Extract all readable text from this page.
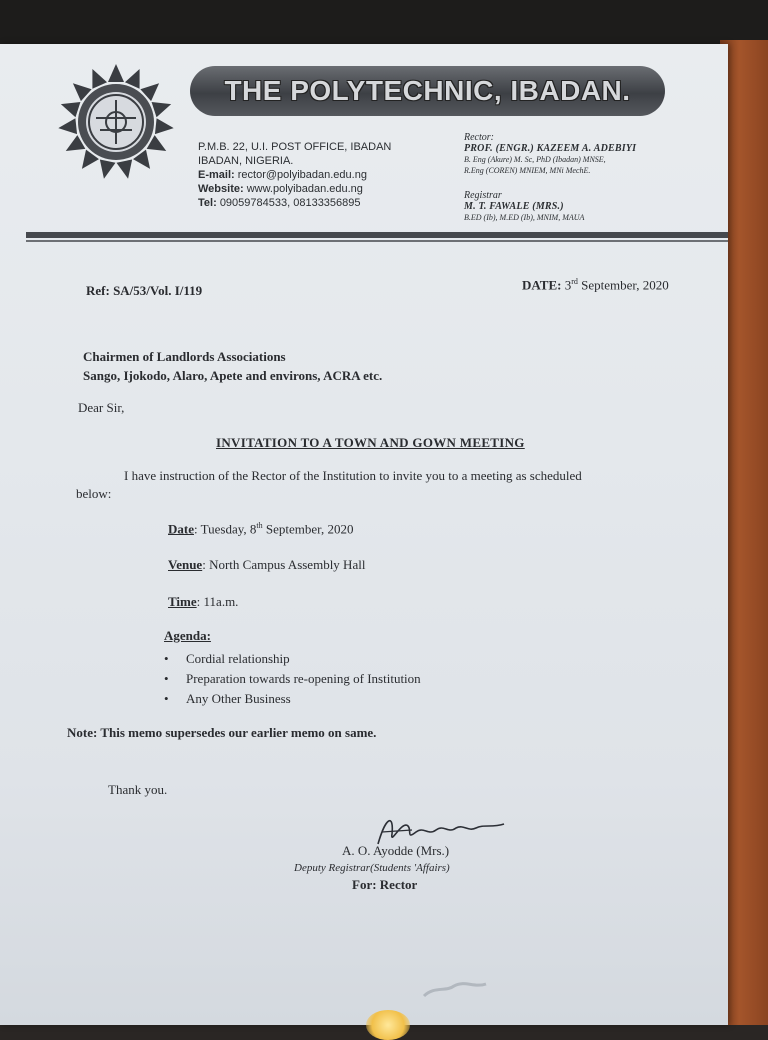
THE POLYTECHNIC, IBADAN.
P.M.B. 22, U.I. POST OFFICE, IBADAN
IBADAN, NIGERIA.
E-mail: rector@polyibadan.edu.ng
Website: www.polyibadan.edu.ng
Tel: 09059784533, 08133356895
Rector:
PROF. (ENGR.) KAZEEM A. ADEBIYI
B. Eng (Akure) M. Sc, PhD (Ibadan) MNSE,
R.Eng (COREN) MNIEM, MNi MechE.
Registrar
M. T. FAWALE (MRS.)
B.ED (Ib), M.ED (Ib), MNIM, MAUA
Ref: SA/53/Vol. I/119	DATE: 3rd September, 2020
Chairmen of Landlords Associations
Sango, Ijokodo, Alaro, Apete and environs, ACRA etc.
Dear Sir,
INVITATION TO A TOWN AND GOWN MEETING
I have instruction of the Rector of the Institution to invite you to a meeting as scheduled
below:
Date: Tuesday, 8th September, 2020
Venue: North Campus Assembly Hall
Time: 11a.m.
Agenda:
• Cordial relationship
• Preparation towards re-opening of Institution
• Any Other Business
Note: This memo supersedes our earlier memo on same.
Thank you.
A. O. Ayodde (Mrs.)
Deputy Registrar(Students 'Affairs)
For: Rector
